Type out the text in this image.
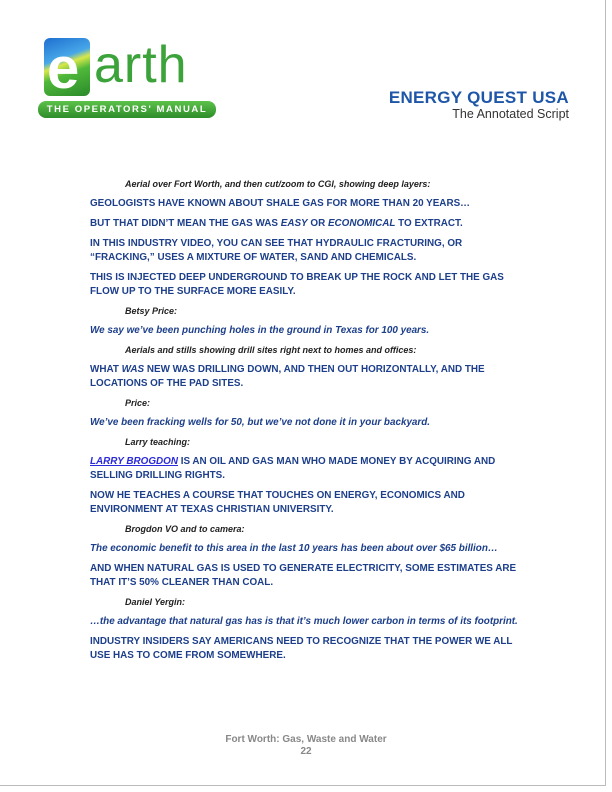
e arth
THE OPERATORS' MANUAL
ENERGY QUEST USA
The Annotated Script

Aerial over Fort Worth, and then cut/zoom to CGI, showing deep layers:

GEOLOGISTS HAVE KNOWN ABOUT SHALE GAS FOR MORE THAN 20 YEARS…

BUT THAT DIDN’T MEAN THE GAS WAS EASY OR ECONOMICAL TO EXTRACT.

IN THIS INDUSTRY VIDEO, YOU CAN SEE THAT HYDRAULIC FRACTURING, OR “FRACKING,” USES A MIXTURE OF WATER, SAND AND CHEMICALS.

THIS IS INJECTED DEEP UNDERGROUND TO BREAK UP THE ROCK AND LET THE GAS FLOW UP TO THE SURFACE MORE EASILY.

Betsy Price:

We say we’ve been punching holes in the ground in Texas for 100 years.

Aerials and stills showing drill sites right next to homes and offices:

WHAT WAS NEW WAS DRILLING DOWN, AND THEN OUT HORIZONTALLY, AND THE LOCATIONS OF THE PAD SITES.

Price:

We’ve been fracking wells for 50, but we’ve not done it in your backyard.

Larry teaching:

LARRY BROGDON IS AN OIL AND GAS MAN WHO MADE MONEY BY ACQUIRING AND SELLING DRILLING RIGHTS.

NOW HE TEACHES A COURSE THAT TOUCHES ON ENERGY, ECONOMICS AND ENVIRONMENT AT TEXAS CHRISTIAN UNIVERSITY.

Brogdon VO and to camera:

The economic benefit to this area in the last 10 years has been about over $65 billion…

AND WHEN NATURAL GAS IS USED TO GENERATE ELECTRICITY, SOME ESTIMATES ARE THAT IT’S 50% CLEANER THAN COAL.

Daniel Yergin:

…the advantage that natural gas has is that it’s much lower carbon in terms of its footprint.

INDUSTRY INSIDERS SAY AMERICANS NEED TO RECOGNIZE THAT THE POWER WE ALL USE HAS TO COME FROM SOMEWHERE.

Fort Worth: Gas, Waste and Water
22
